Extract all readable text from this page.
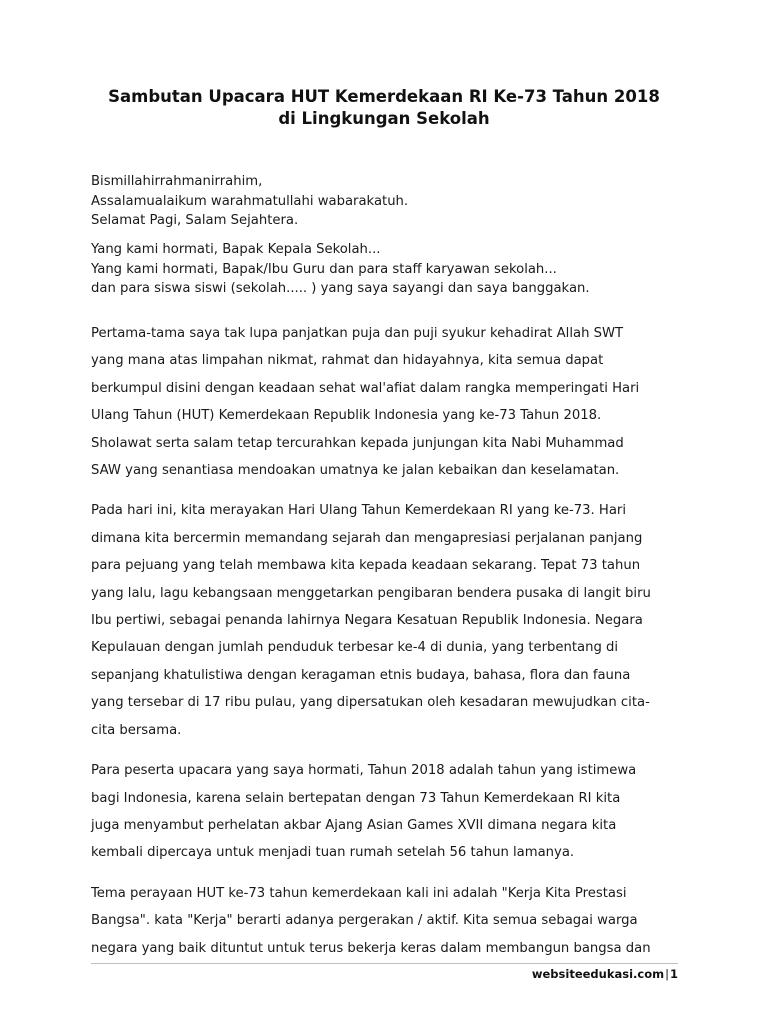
Sambutan Upacara HUT Kemerdekaan RI Ke-73 Tahun 2018
di Lingkungan Sekolah
Bismillahirrahmanirrahim,
Assalamualaikum warahmatullahi wabarakatuh.
Selamat Pagi, Salam Sejahtera.
Yang kami hormati, Bapak Kepala Sekolah...
Yang kami hormati, Bapak/Ibu Guru dan para staff karyawan sekolah...
dan para siswa siswi (sekolah..... ) yang saya sayangi dan saya banggakan.
Pertama-tama saya tak lupa panjatkan puja dan puji syukur kehadirat Allah SWT
yang mana atas limpahan nikmat, rahmat dan hidayahnya, kita semua dapat
berkumpul disini dengan keadaan sehat wal'afiat dalam rangka memperingati Hari
Ulang Tahun (HUT) Kemerdekaan Republik Indonesia yang ke-73 Tahun 2018.
Sholawat serta salam tetap tercurahkan kepada junjungan kita Nabi Muhammad
SAW yang senantiasa mendoakan umatnya ke jalan kebaikan dan keselamatan.
Pada hari ini, kita merayakan Hari Ulang Tahun Kemerdekaan RI yang ke-73. Hari
dimana kita bercermin memandang sejarah dan mengapresiasi perjalanan panjang
para pejuang yang telah membawa kita kepada keadaan sekarang. Tepat 73 tahun
yang lalu, lagu kebangsaan menggetarkan pengibaran bendera pusaka di langit biru
Ibu pertiwi, sebagai penanda lahirnya Negara Kesatuan Republik Indonesia. Negara
Kepulauan dengan jumlah penduduk terbesar ke-4 di dunia, yang terbentang di
sepanjang khatulistiwa dengan keragaman etnis budaya, bahasa, flora dan fauna
yang tersebar di 17 ribu pulau, yang dipersatukan oleh kesadaran mewujudkan cita-
cita bersama.
Para peserta upacara yang saya hormati, Tahun 2018 adalah tahun yang istimewa
bagi Indonesia, karena selain bertepatan dengan 73 Tahun Kemerdekaan RI kita
juga menyambut perhelatan akbar Ajang Asian Games XVII dimana negara kita
kembali dipercaya untuk menjadi tuan rumah setelah 56 tahun lamanya.
Tema perayaan HUT ke-73 tahun kemerdekaan kali ini adalah "Kerja Kita Prestasi
Bangsa". kata "Kerja" berarti adanya pergerakan / aktif. Kita semua sebagai warga
negara yang baik dituntut untuk terus bekerja keras dalam membangun bangsa dan
websiteedukasi.com|1
